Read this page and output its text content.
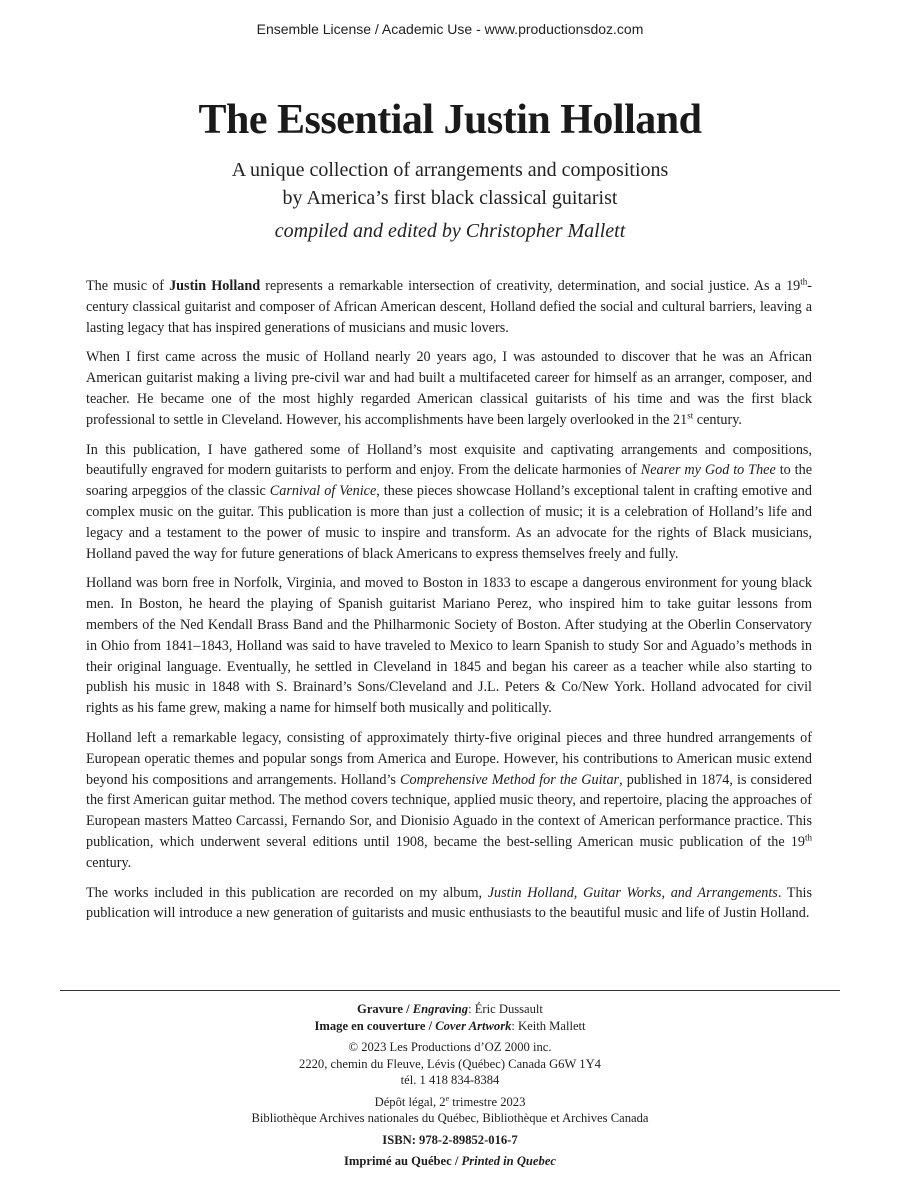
Ensemble License / Academic Use - www.productionsdoz.com
The Essential Justin Holland
A unique collection of arrangements and compositions
by America’s first black classical guitarist
compiled and edited by Christopher Mallett

The music of Justin Holland represents a remarkable intersection of creativity, determination, and social justice. As a 19th-century classical guitarist and composer of African American descent, Holland defied the social and cultural barriers, leaving a lasting legacy that has inspired generations of musicians and music lovers.

When I first came across the music of Holland nearly 20 years ago, I was astounded to discover that he was an African American guitarist making a living pre-civil war and had built a multifaceted career for himself as an arranger, composer, and teacher. He became one of the most highly regarded American classical guitarists of his time and was the first black professional to settle in Cleveland. However, his accomplishments have been largely overlooked in the 21st century.

In this publication, I have gathered some of Holland’s most exquisite and captivating arrangements and compositions, beautifully engraved for modern guitarists to perform and enjoy. From the delicate harmonies of Nearer my God to Thee to the soaring arpeggios of the classic Carnival of Venice, these pieces showcase Holland’s exceptional talent in crafting emotive and complex music on the guitar. This publication is more than just a collection of music; it is a celebration of Holland’s life and legacy and a testament to the power of music to inspire and transform. As an advocate for the rights of Black musicians, Holland paved the way for future generations of black Americans to express themselves freely and fully.

Holland was born free in Norfolk, Virginia, and moved to Boston in 1833 to escape a dangerous environment for young black men. In Boston, he heard the playing of Spanish guitarist Mariano Perez, who inspired him to take guitar lessons from members of the Ned Kendall Brass Band and the Philharmonic Society of Boston. After studying at the Oberlin Conservatory in Ohio from 1841–1843, Holland was said to have traveled to Mexico to learn Spanish to study Sor and Aguado’s methods in their original language. Eventually, he settled in Cleveland in 1845 and began his career as a teacher while also starting to publish his music in 1848 with S. Brainard’s Sons/Cleveland and J.L. Peters & Co/New York. Holland advocated for civil rights as his fame grew, making a name for himself both musically and politically.

Holland left a remarkable legacy, consisting of approximately thirty-five original pieces and three hundred arrangements of European operatic themes and popular songs from America and Europe. However, his contributions to American music extend beyond his compositions and arrangements. Holland’s Comprehensive Method for the Guitar, published in 1874, is considered the first American guitar method. The method covers technique, applied music theory, and repertoire, placing the approaches of European masters Matteo Carcassi, Fernando Sor, and Dionisio Aguado in the context of American performance practice. This publication, which underwent several editions until 1908, became the best-selling American music publication of the 19th century.

The works included in this publication are recorded on my album, Justin Holland, Guitar Works, and Arrangements. This publication will introduce a new generation of guitarists and music enthusiasts to the beautiful music and life of Justin Holland.

Gravure / Engraving: Éric Dussault
Image en couverture / Cover Artwork: Keith Mallett
© 2023 Les Productions d’OZ 2000 inc.
2220, chemin du Fleuve, Lévis (Québec) Canada G6W 1Y4
tél. 1 418 834-8384
Dépôt légal, 2e trimestre 2023
Bibliothèque Archives nationales du Québec, Bibliothèque et Archives Canada
ISBN: 978-2-89852-016-7
Imprimé au Québec / Printed in Quebec
